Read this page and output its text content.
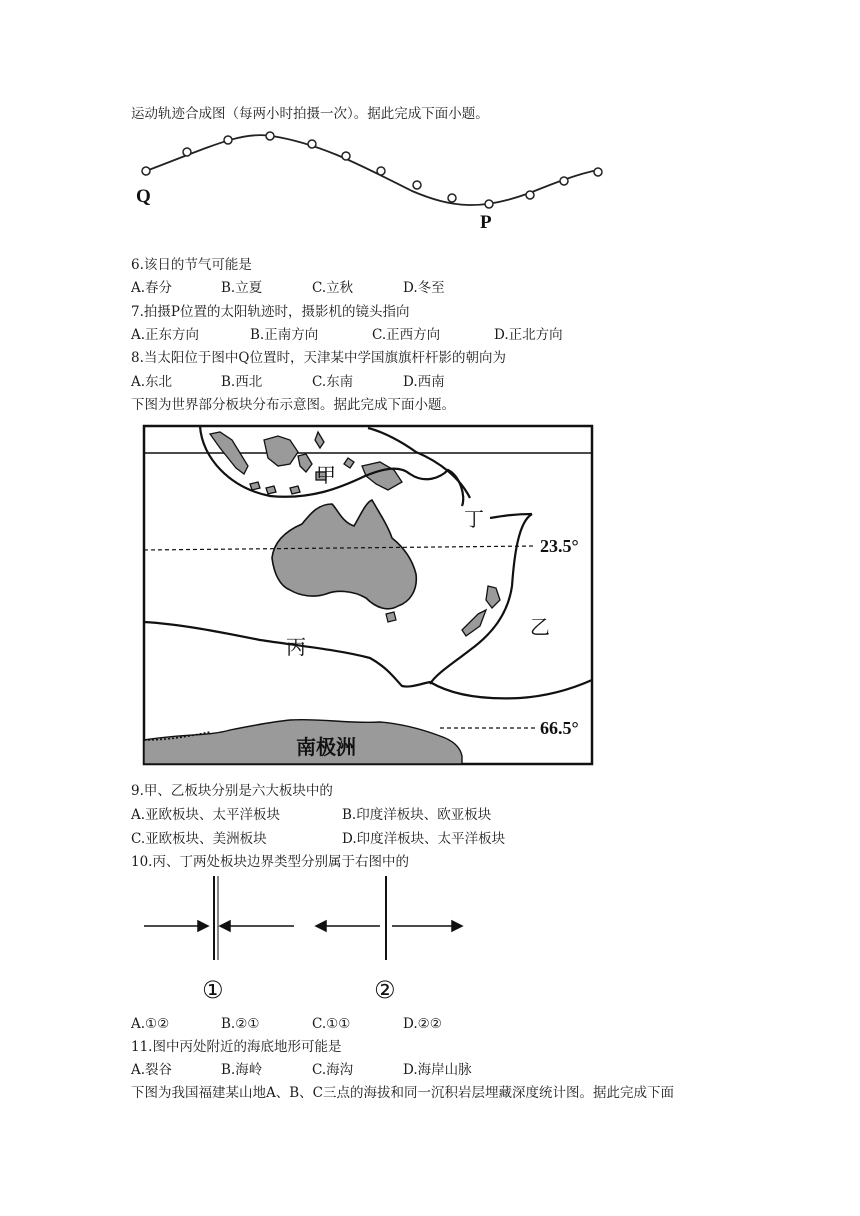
运动轨迹合成图（每两小时拍摄一次）。据此完成下面小题。
Q
P
6.该日的节气可能是
A.春分	B.立夏	C.立秋	D.冬至
7.拍摄P位置的太阳轨迹时，摄影机的镜头指向
A.正东方向	B.正南方向	C.正西方向	D.正北方向
8.当太阳位于图中Q位置时，天津某中学国旗旗杆杆影的朝向为
A.东北	B.西北	C.东南	D.西南
下图为世界部分板块分布示意图。据此完成下面小题。
甲
丁
乙
丙
南极洲
23.5°
66.5°
9.甲、乙板块分别是六大板块中的
A.亚欧板块、太平洋板块	B.印度洋板块、欧亚板块
C.亚欧板块、美洲板块	D.印度洋板块、太平洋板块
10.丙、丁两处板块边界类型分别属于右图中的
①	②
A.①②	B.②①	C.①①	D.②②
11.图中丙处附近的海底地形可能是
A.裂谷	B.海岭	C.海沟	D.海岸山脉
下图为我国福建某山地A、B、C三点的海拔和同一沉积岩层埋藏深度统计图。据此完成下面
